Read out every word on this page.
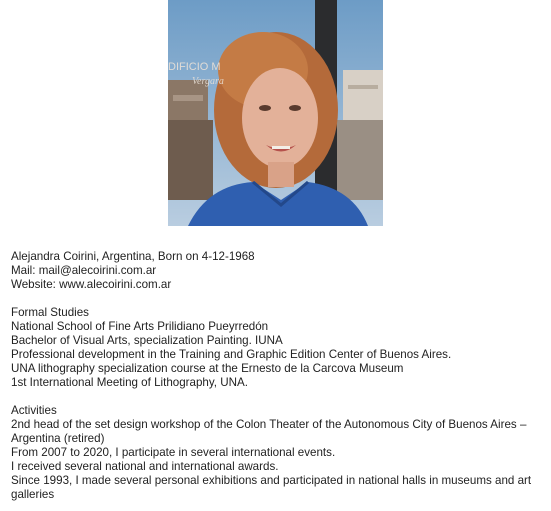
DIFICIO M
Vergara
Alejandra Coirini, Argentina, Born on 4-12-1968
Mail: mail@alecoirini.com.ar
Website: www.alecoirini.com.ar
Formal Studies
National School of Fine Arts Prilidiano Pueyrredón
Bachelor of Visual Arts, specialization Painting. IUNA
Professional development in the Training and Graphic Edition Center of Buenos Aires.
UNA lithography specialization course at the Ernesto de la Carcova Museum
1st International Meeting of Lithography, UNA.
Activities
2nd head of the set design workshop of the Colon Theater of the Autonomous City of Buenos Aires – Argentina (retired)
From 2007 to 2020, I participate in several international events.
I received several national and international awards.
Since 1993, I made several personal exhibitions and participated in national halls in museums and art galleries
